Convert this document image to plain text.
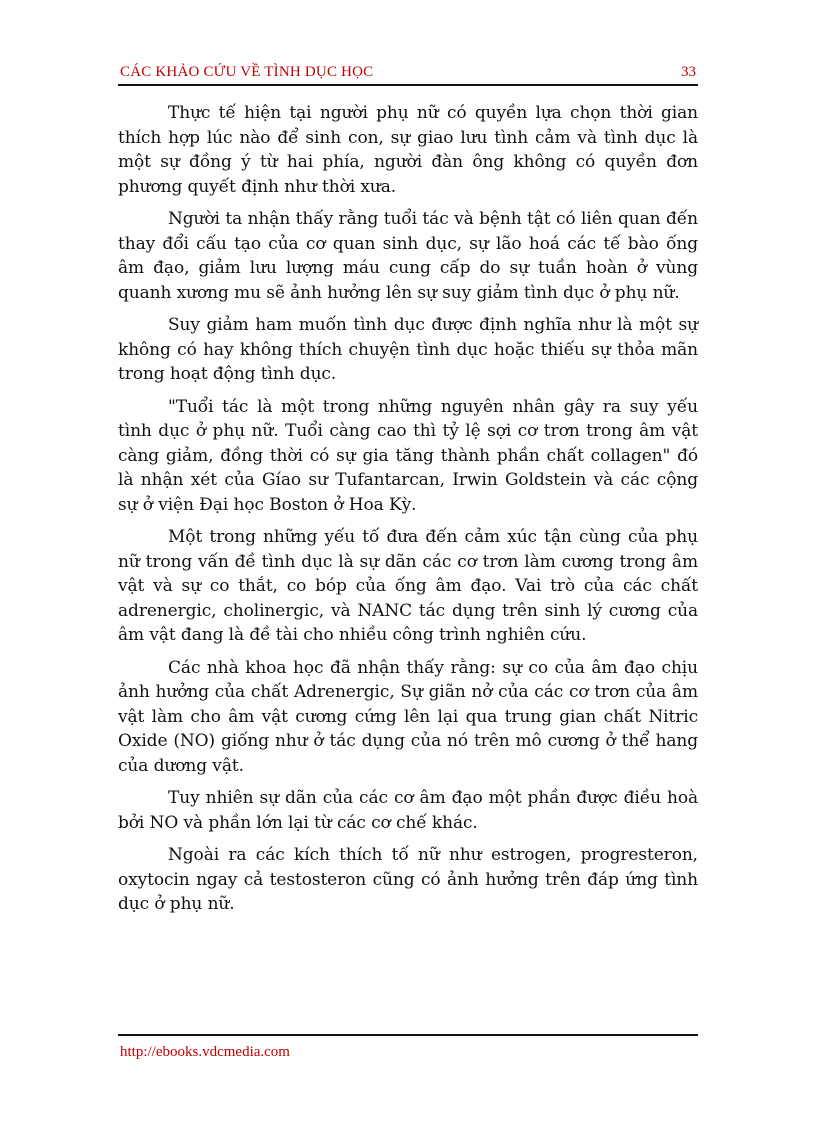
CÁC KHẢO CỨU VỀ TÌNH DỤC HỌC	33

Thực tế hiện tại người phụ nữ có quyền lựa chọn thời gian thích hợp lúc nào để sinh con, sự giao lưu tình cảm và tình dục là một sự đồng ý từ hai phía, người đàn ông không có quyền đơn phương quyết định như thời xưa.

Người ta nhận thấy rằng tuổi tác và bệnh tật có liên quan đến thay đổi cấu tạo của cơ quan sinh dục, sự lão hoá các tế bào ống âm đạo, giảm lưu lượng máu cung cấp do sự tuần hoàn ở vùng quanh xương mu sẽ ảnh hưởng lên sự suy giảm tình dục ở phụ nữ.

Suy giảm ham muốn tình dục được định nghĩa như là một sự không có hay không thích chuyện tình dục hoặc thiếu sự thỏa mãn trong hoạt động tình dục.

"Tuổi tác là một trong những nguyên nhân gây ra suy yếu tình dục ở phụ nữ. Tuổi càng cao thì tỷ lệ sợi cơ trơn trong âm vật càng giảm, đồng thời có sự gia tăng thành phần chất collagen" đó là nhận xét của Gíao sư Tufantarcan, Irwin Goldstein và các cộng sự ở viện Đại học Boston ở Hoa Kỳ.

Một trong những yếu tố đưa đến cảm xúc tận cùng của phụ nữ trong vấn đề tình dục là sự dãn các cơ trơn làm cương trong âm vật và sự co thắt, co bóp của ống âm đạo. Vai trò của các chất adrenergic, cholinergic, và NANC tác dụng trên sinh lý cương của âm vật đang là đề tài cho nhiều công trình nghiên cứu.

Các nhà khoa học đã nhận thấy rằng: sự co của âm đạo chịu ảnh hưởng của chất Adrenergic, Sự giãn nở của các cơ trơn của âm vật làm cho âm vật cương cứng lên lại qua trung gian chất Nitric Oxide (NO) giống như ở tác dụng của nó trên mô cương ở thể hang của dương vật.

Tuy nhiên sự dãn của các cơ âm đạo một phần được điều hoà bởi NO và phần lớn lại từ các cơ chế khác.

Ngoài ra các kích thích tố nữ như estrogen, progresteron, oxytocin ngay cả testosteron cũng có ảnh hưởng trên đáp ứng tình dục ở phụ nữ.

http://ebooks.vdcmedia.com
